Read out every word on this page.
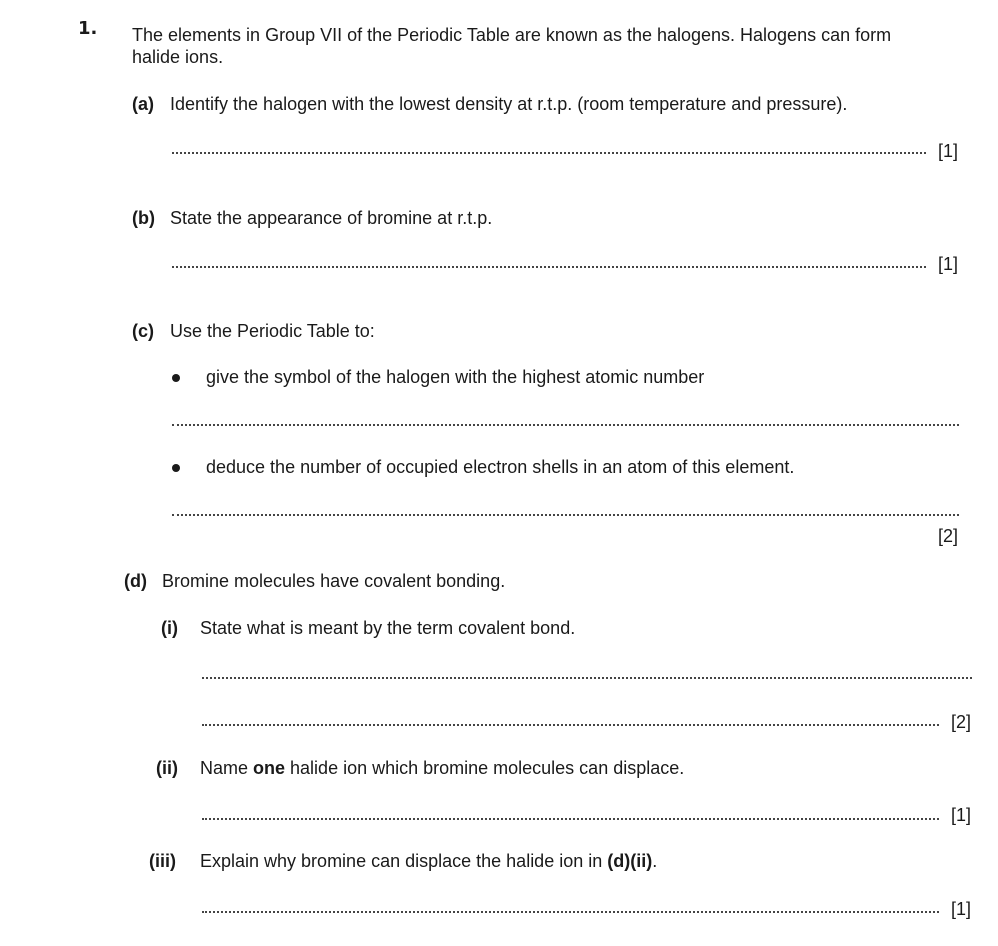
1. The elements in Group VII of the Periodic Table are known as the halogens. Halogens can form
halide ions.
(a) Identify the halogen with the lowest density at r.t.p. (room temperature and pressure).
[1]
(b) State the appearance of bromine at r.t.p.
[1]
(c) Use the Periodic Table to:
give the symbol of the halogen with the highest atomic number
deduce the number of occupied electron shells in an atom of this element.
[2]
(d) Bromine molecules have covalent bonding.
(i) State what is meant by the term covalent bond.
[2]
(ii) Name one halide ion which bromine molecules can displace.
[1]
(iii) Explain why bromine can displace the halide ion in (d)(ii).
[1]
